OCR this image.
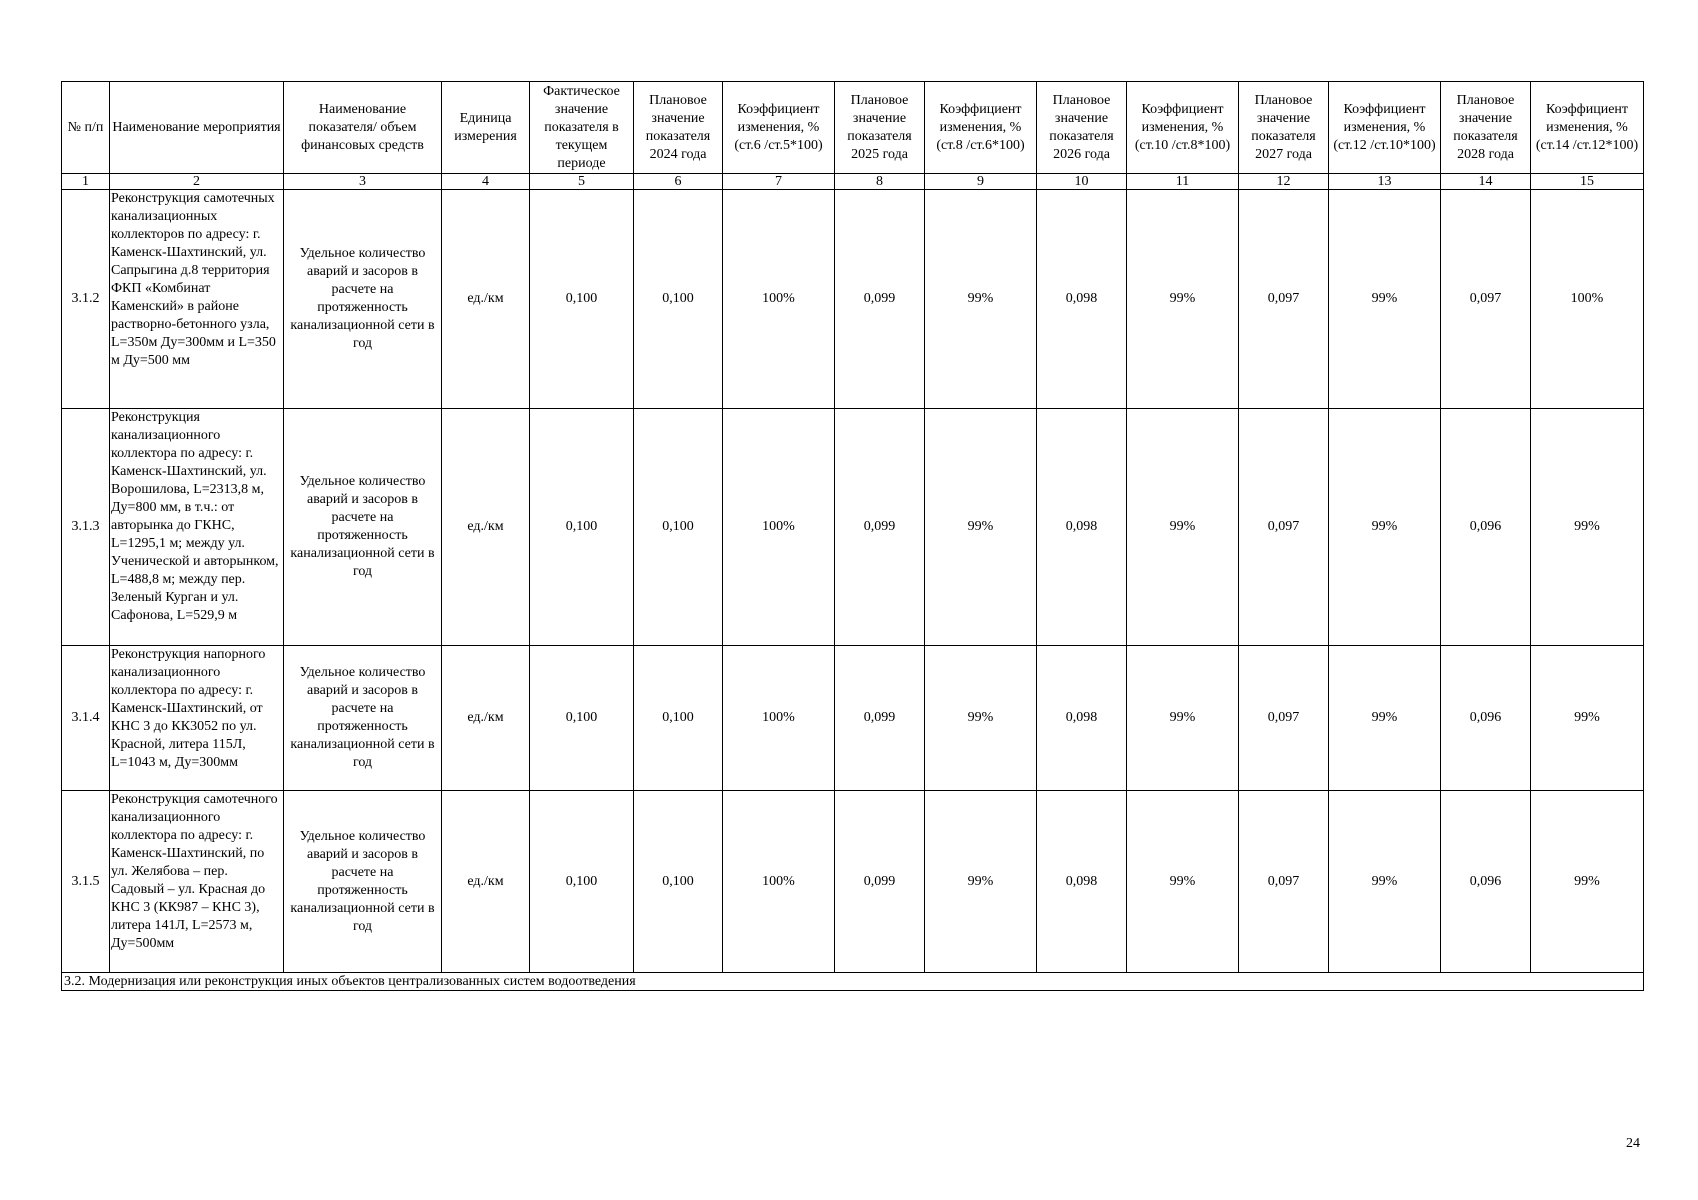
№ п/п	Наименование мероприятия	Наименование показателя/ объем финансовых средств	Единица измерения	Фактическое значение показателя в текущем периоде	Плановое значение показателя 2024 года	Коэффициент изменения, % (ст.6 /ст.5*100)	Плановое значение показателя 2025 года	Коэффициент изменения, % (ст.8 /ст.6*100)	Плановое значение показателя 2026 года	Коэффициент изменения, % (ст.10 /ст.8*100)	Плановое значение показателя 2027 года	Коэффициент изменения, % (ст.12 /ст.10*100)	Плановое значение показателя 2028 года	Коэффициент изменения, % (ст.14 /ст.12*100)
1	2	3	4	5	6	7	8	9	10	11	12	13	14	15
3.1.2	Реконструкция самотечных канализационных коллекторов по адресу: г. Каменск-Шахтинский, ул. Сапрыгина д.8 территория ФКП «Комбинат Каменский» в районе растворно-бетонного узла, L=350м Ду=300мм и L=350 м Ду=500 мм	Удельное количество аварий и засоров в расчете на протяженность канализационной сети в год	ед./км	0,100	0,100	100%	0,099	99%	0,098	99%	0,097	99%	0,097	100%
3.1.3	Реконструкция канализационного коллектора по адресу: г. Каменск-Шахтинский, ул. Ворошилова, L=2313,8 м, Ду=800 мм, в т.ч.: от авторынка до ГКНС, L=1295,1 м; между ул. Ученической и авторынком, L=488,8 м; между пер. Зеленый Курган и ул. Сафонова, L=529,9 м	Удельное количество аварий и засоров в расчете на протяженность канализационной сети в год	ед./км	0,100	0,100	100%	0,099	99%	0,098	99%	0,097	99%	0,096	99%
3.1.4	Реконструкция напорного канализационного коллектора по адресу: г. Каменск-Шахтинский, от КНС 3 до КК3052 по ул. Красной, литера 115Л, L=1043 м, Ду=300мм	Удельное количество аварий и засоров в расчете на протяженность канализационной сети в год	ед./км	0,100	0,100	100%	0,099	99%	0,098	99%	0,097	99%	0,096	99%
3.1.5	Реконструкция самотечного канализационного коллектора по адресу: г. Каменск-Шахтинский, по ул. Желябова – пер. Садовый – ул. Красная до КНС 3 (КК987 – КНС 3), литера 141Л, L=2573 м, Ду=500мм	Удельное количество аварий и засоров в расчете на протяженность канализационной сети в год	ед./км	0,100	0,100	100%	0,099	99%	0,098	99%	0,097	99%	0,096	99%
3.2. Модернизация или реконструкция иных объектов централизованных систем водоотведения														
24
